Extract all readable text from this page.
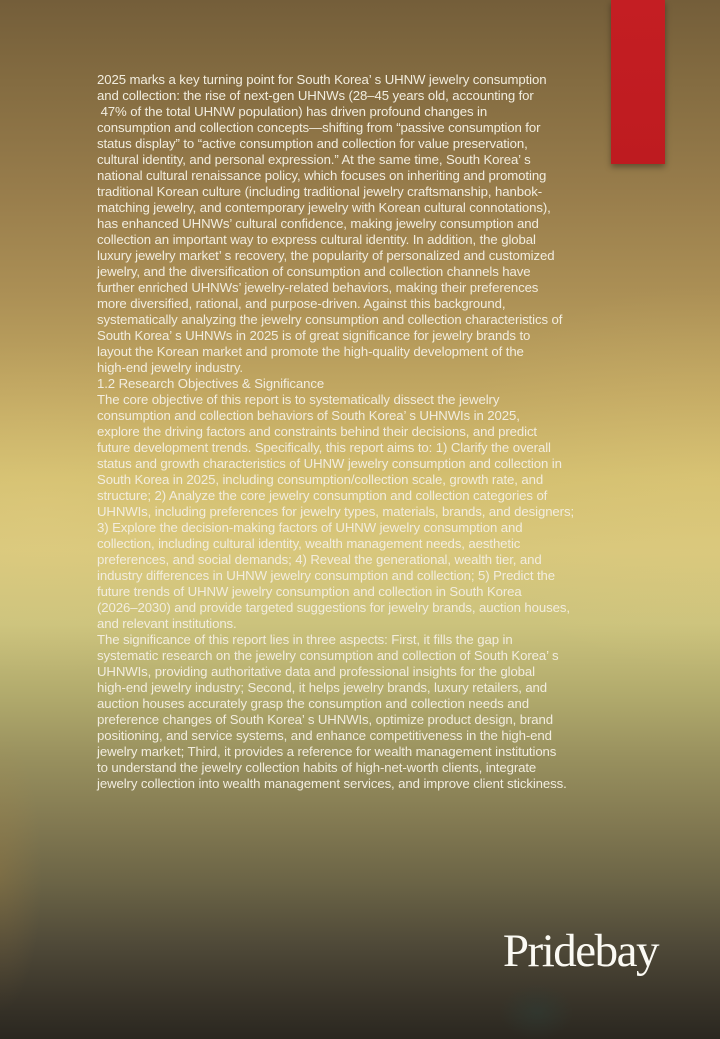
2025 marks a key turning point for South Korea’ s UHNW jewelry consumption
and collection: the rise of next-gen UHNWs (28–45 years old, accounting for
47% of the total UHNW population) has driven profound changes in
consumption and collection concepts—shifting from “passive consumption for
status display” to “active consumption and collection for value preservation,
cultural identity, and personal expression.” At the same time, South Korea’ s
national cultural renaissance policy, which focuses on inheriting and promoting
traditional Korean culture (including traditional jewelry craftsmanship, hanbok-
matching jewelry, and contemporary jewelry with Korean cultural connotations),
has enhanced UHNWs’ cultural confidence, making jewelry consumption and
collection an important way to express cultural identity. In addition, the global
luxury jewelry market’ s recovery, the popularity of personalized and customized
jewelry, and the diversification of consumption and collection channels have
further enriched UHNWs’ jewelry-related behaviors, making their preferences
more diversified, rational, and purpose-driven. Against this background,
systematically analyzing the jewelry consumption and collection characteristics of
South Korea’ s UHNWs in 2025 is of great significance for jewelry brands to
layout the Korean market and promote the high-quality development of the
high-end jewelry industry.
1.2 Research Objectives & Significance
The core objective of this report is to systematically dissect the jewelry
consumption and collection behaviors of South Korea’ s UHNWIs in 2025,
explore the driving factors and constraints behind their decisions, and predict
future development trends. Specifically, this report aims to: 1) Clarify the overall
status and growth characteristics of UHNW jewelry consumption and collection in
South Korea in 2025, including consumption/collection scale, growth rate, and
structure; 2) Analyze the core jewelry consumption and collection categories of
UHNWIs, including preferences for jewelry types, materials, brands, and designers;
3) Explore the decision-making factors of UHNW jewelry consumption and
collection, including cultural identity, wealth management needs, aesthetic
preferences, and social demands; 4) Reveal the generational, wealth tier, and
industry differences in UHNW jewelry consumption and collection; 5) Predict the
future trends of UHNW jewelry consumption and collection in South Korea
(2026–2030) and provide targeted suggestions for jewelry brands, auction houses,
and relevant institutions.
The significance of this report lies in three aspects: First, it fills the gap in
systematic research on the jewelry consumption and collection of South Korea’ s
UHNWIs, providing authoritative data and professional insights for the global
high-end jewelry industry; Second, it helps jewelry brands, luxury retailers, and
auction houses accurately grasp the consumption and collection needs and
preference changes of South Korea’ s UHNWIs, optimize product design, brand
positioning, and service systems, and enhance competitiveness in the high-end
jewelry market; Third, it provides a reference for wealth management institutions
to understand the jewelry collection habits of high-net-worth clients, integrate
jewelry collection into wealth management services, and improve client stickiness.
Pridebay
